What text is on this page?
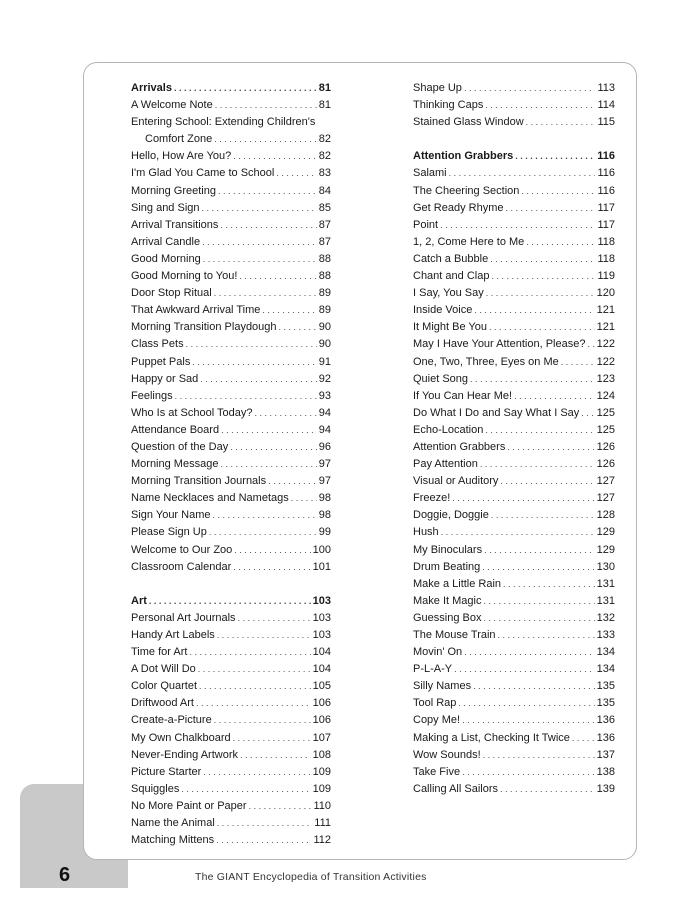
Arrivals . . .	81
A Welcome Note . . .	81
Entering School: Extending Children's
Comfort Zone . . .	82
Hello, How Are You? . . .	82
I'm Glad You Came to School . . .	83
Morning Greeting . . .	84
Sing and Sign . . .	85
Arrival Transitions . . .	87
Arrival Candle . . .	87
Good Morning . . .	88
Good Morning to You! . . .	88
Door Stop Ritual . . .	89
That Awkward Arrival Time . . .	89
Morning Transition Playdough . . .	90
Class Pets . . .	90
Puppet Pals . . .	91
Happy or Sad . . .	92
Feelings . . .	93
Who Is at School Today? . . .	94
Attendance Board . . .	94
Question of the Day . . .	96
Morning Message . . .	97
Morning Transition Journals . . .	97
Name Necklaces and Nametags . . .	98
Sign Your Name . . .	98
Please Sign Up . . .	99
Welcome to Our Zoo . . .	100
Classroom Calendar . . .	101
Art . . .	103
Personal Art Journals . . .	103
Handy Art Labels . . .	103
Time for Art . . .	104
A Dot Will Do . . .	104
Color Quartet . . .	105
Driftwood Art . . .	106
Create-a-Picture . . .	106
My Own Chalkboard . . .	107
Never-Ending Artwork . . .	108
Picture Starter . . .	109
Squiggles . . .	109
No More Paint or Paper . . .	110
Name the Animal . . .	111
Matching Mittens . . .	112
Shape Up . . .	113
Thinking Caps . . .	114
Stained Glass Window . . .	115
Attention Grabbers . . .	116
Salami . . .	116
The Cheering Section . . .	116
Get Ready Rhyme . . .	117
Point . . .	117
1, 2, Come Here to Me . . .	118
Catch a Bubble . . .	118
Chant and Clap . . .	119
I Say, You Say . . .	120
Inside Voice . . .	121
It Might Be You . . .	121
May I Have Your Attention, Please? . . . 122
One, Two, Three, Eyes on Me . . .	122
Quiet Song . . .	123
If You Can Hear Me! . . .	124
Do What I Do and Say What I Say . . . 125
Echo-Location . . .	125
Attention Grabbers . . .	126
Pay Attention . . .	126
Visual or Auditory . . .	127
Freeze! . . .	127
Doggie, Doggie . . .	128
Hush . . .	129
My Binoculars . . .	129
Drum Beating . . .	130
Make a Little Rain . . .	131
Make It Magic . . .	131
Guessing Box . . .	132
The Mouse Train . . .	133
Movin' On . . .	134
P-L-A-Y . . .	134
Silly Names . . .	135
Tool Rap . . .	135
Copy Me! . . .	136
Making a List, Checking It Twice . . . 136
Wow Sounds! . . .	137
Take Five . . .	138
Calling All Sailors . . .	139
6	The GIANT Encyclopedia of Transition Activities
